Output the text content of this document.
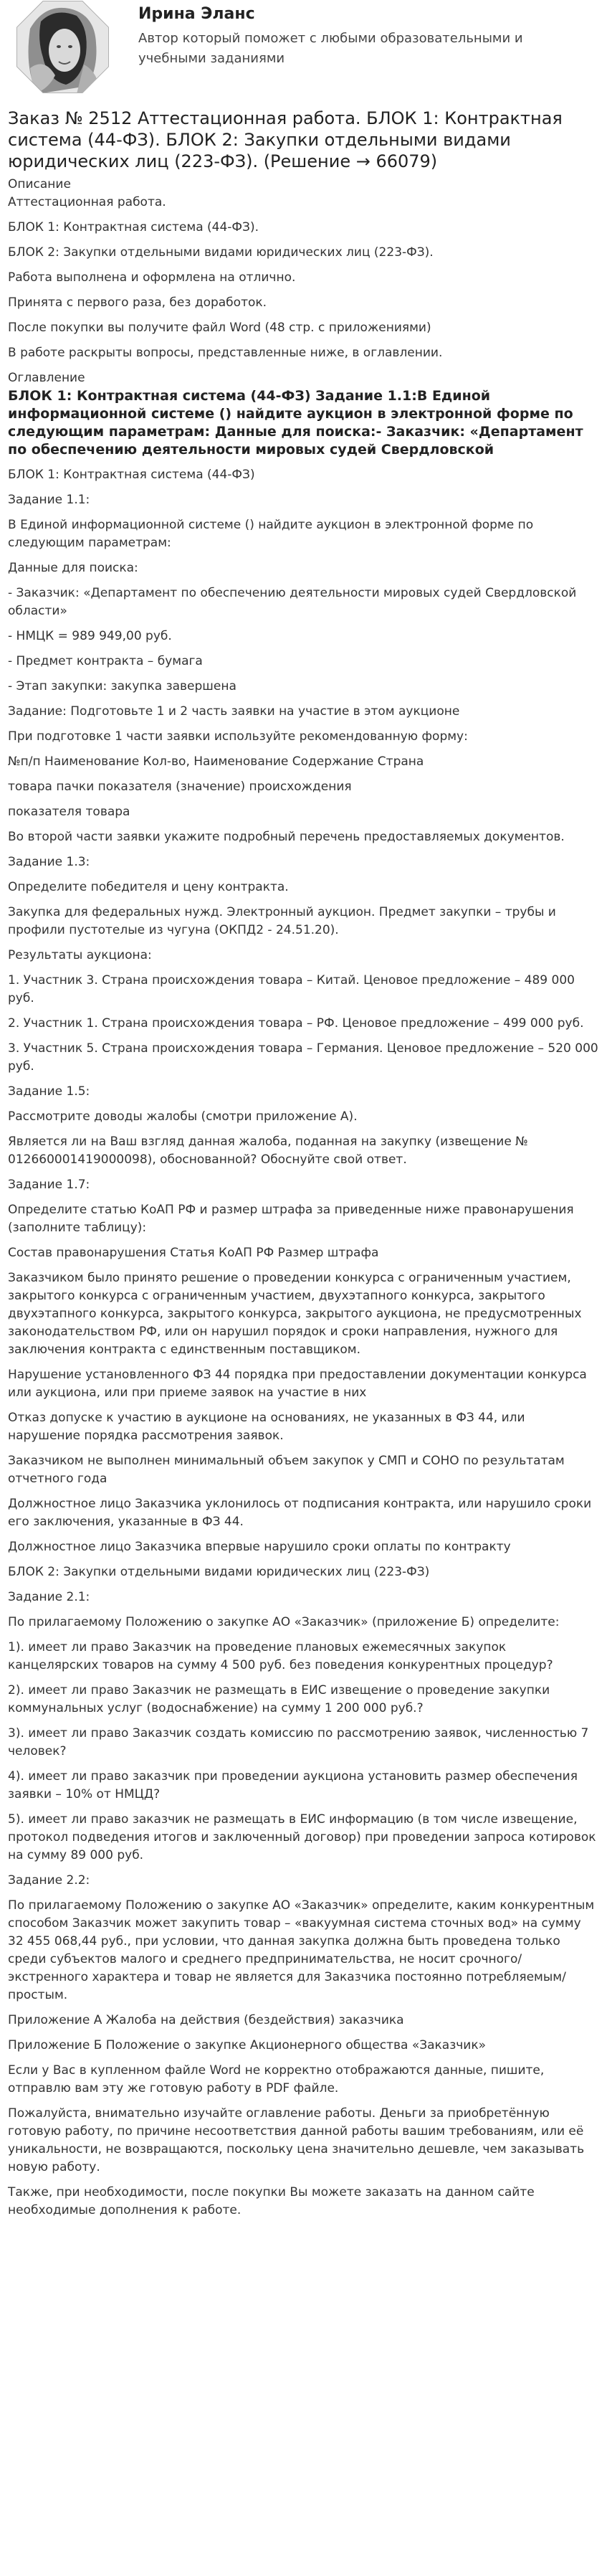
Ирина Эланс
Автор который поможет с любыми образовательными и учебными заданиями
Заказ № 2512 Аттестационная работа. БЛОК 1: Контрактная система (44-ФЗ). БЛОК 2: Закупки отдельными видами юридических лиц (223-ФЗ). (Решение → 66079)
Описание

Аттестационная работа.

БЛОК 1: Контрактная система (44-ФЗ).

БЛОК 2: Закупки отдельными видами юридических лиц (223-ФЗ).

Работа выполнена и оформлена на отлично.

Принята с первого раза, без доработок.

После покупки вы получите файл Word (48 стр. с приложениями)

В работе раскрыты вопросы, представленные ниже, в оглавлении.

Оглавление
БЛОК 1: Контрактная система (44-ФЗ) Задание 1.1:В Единой информационной системе () найдите аукцион в электронной форме по следующим параметрам: Данные для поиска:- Заказчик: «Департамент по обеспечению деятельности мировых судей Свердловской

БЛОК 1: Контрактная система (44-ФЗ)

Задание 1.1:

В Единой информационной системе () найдите аукцион в электронной форме по следующим параметрам:

Данные для поиска:

- Заказчик: «Департамент по обеспечению деятельности мировых судей Свердловской области»

- НМЦК = 989 949,00 руб.

- Предмет контракта – бумага

- Этап закупки: закупка завершена

Задание: Подготовьте 1 и 2 часть заявки на участие в этом аукционе

При подготовке 1 части заявки используйте рекомендованную форму:

№п/п Наименование Кол-во, Наименование Содержание Страна

товара пачки показателя (значение) происхождения

показателя товара

Во второй части заявки укажите подробный перечень предоставляемых документов.

Задание 1.3:

Определите победителя и цену контракта.

Закупка для федеральных нужд. Электронный аукцион. Предмет закупки – трубы и профили пустотелые из чугуна (ОКПД2 - 24.51.20).

Результаты аукциона:

1. Участник 3. Страна происхождения товара – Китай. Ценовое предложение – 489 000 руб.

2. Участник 1. Страна происхождения товара – РФ. Ценовое предложение – 499 000 руб.

3. Участник 5. Страна происхождения товара – Германия. Ценовое предложение – 520 000 руб.

Задание 1.5:

Рассмотрите доводы жалобы (смотри приложение А).

Является ли на Ваш взгляд данная жалоба, поданная на закупку (извещение № 012660001419000098), обоснованной? Обоснуйте свой ответ.

Задание 1.7:

Определите статью КоАП РФ и размер штрафа за приведенные ниже правонарушения (заполните таблицу):

Состав правонарушения Статья КоАП РФ Размер штрафа

Заказчиком было принято решение о проведении конкурса с ограниченным участием, закрытого конкурса с ограниченным участием, двухэтапного конкурса, закрытого двухэтапного конкурса, закрытого конкурса, закрытого аукциона, не предусмотренных законодательством РФ, или он нарушил порядок и сроки направления, нужного для заключения контракта с единственным поставщиком.

Нарушение установленного ФЗ 44 порядка при предоставлении документации конкурса или аукциона, или при приеме заявок на участие в них

Отказ допуске к участию в аукционе на основаниях, не указанных в ФЗ 44, или нарушение порядка рассмотрения заявок.

Заказчиком не выполнен минимальный объем закупок у СМП и СОНО по результатам отчетного года

Должностное лицо Заказчика уклонилось от подписания контракта, или нарушило сроки его заключения, указанные в ФЗ 44.

Должностное лицо Заказчика впервые нарушило сроки оплаты по контракту

БЛОК 2: Закупки отдельными видами юридических лиц (223-ФЗ)

Задание 2.1:

По прилагаемому Положению о закупке АО «Заказчик» (приложение Б) определите:

1). имеет ли право Заказчик на проведение плановых ежемесячных закупок канцелярских товаров на сумму 4 500 руб. без поведения конкурентных процедур?

2). имеет ли право Заказчик не размещать в ЕИС извещение о проведение закупки коммунальных услуг (водоснабжение) на сумму 1 200 000 руб.?

3). имеет ли право Заказчик создать комиссию по рассмотрению заявок, численностью 7 человек?

4). имеет ли право заказчик при проведении аукциона установить размер обеспечения заявки – 10% от НМЦД?

5). имеет ли право заказчик не размещать в ЕИС информацию (в том числе извещение, протокол подведения итогов и заключенный договор) при проведении запроса котировок на сумму 89 000 руб.

Задание 2.2:

По прилагаемому Положению о закупке АО «Заказчик» определите, каким конкурентным способом Заказчик может закупить товар – «вакуумная система сточных вод» на сумму 32 455 068,44 руб., при условии, что данная закупка должна быть проведена только среди субъектов малого и среднего предпринимательства, не носит срочного/экстренного характера и товар не является для Заказчика постоянно потребляемым/простым.

Приложение А Жалоба на действия (бездействия) заказчика

Приложение Б Положение о закупке Акционерного общества «Заказчик»

Если у Вас в купленном файле Word не корректно отображаются данные, пишите, отправлю вам эту же готовую работу в PDF файле.

Пожалуйста, внимательно изучайте оглавление работы. Деньги за приобретённую готовую работу, по причине несоответствия данной работы вашим требованиям, или её уникальности, не возвращаются, поскольку цена значительно дешевле, чем заказывать новую работу.

Также, при необходимости, после покупки Вы можете заказать на данном сайте необходимые дополнения к работе.
